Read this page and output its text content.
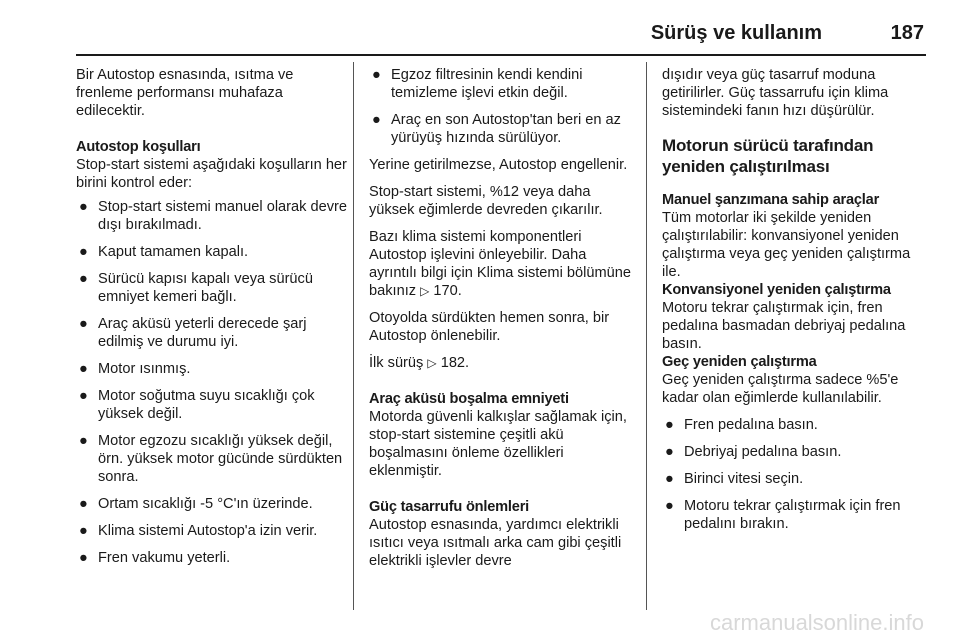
Sürüş ve kullanım	187

Bir Autostop esnasında, ısıtma ve frenleme performansı muhafaza edilecektir.

Autostop koşulları

Stop-start sistemi aşağıdaki koşulların her birini kontrol eder:

● Stop-start sistemi manuel olarak devre dışı bırakılmadı.
● Kaput tamamen kapalı.
● Sürücü kapısı kapalı veya sürücü emniyet kemeri bağlı.
● Araç aküsü yeterli derecede şarj edilmiş ve durumu iyi.
● Motor ısınmış.
● Motor soğutma suyu sıcaklığı çok yüksek değil.
● Motor egzozu sıcaklığı yüksek değil, örn. yüksek motor gücünde sürdükten sonra.
● Ortam sıcaklığı -5 °C'ın üzerinde.
● Klima sistemi Autostop'a izin verir.
● Fren vakumu yeterli.
● Egzoz filtresinin kendi kendini temizleme işlevi etkin değil.
● Araç en son Autostop'tan beri en az yürüyüş hızında sürülüyor.

Yerine getirilmezse, Autostop engellenir.

Stop-start sistemi, %12 veya daha yüksek eğimlerde devreden çıkarılır.

Bazı klima sistemi komponentleri Autostop işlevini önleyebilir. Daha ayrıntılı bilgi için Klima sistemi bölümüne bakınız ▷ 170.

Otoyolda sürdükten hemen sonra, bir Autostop önlenebilir.

İlk sürüş ▷ 182.

Araç aküsü boşalma emniyeti

Motorda güvenli kalkışlar sağlamak için, stop-start sistemine çeşitli akü boşalmasını önleme özellikleri eklenmiştir.

Güç tasarrufu önlemleri

Autostop esnasında, yardımcı elektrikli ısıtıcı veya ısıtmalı arka cam gibi çeşitli elektrikli işlevler devre

dışıdır veya güç tasarruf moduna getirilirler. Güç tassarrufu için klima sistemindeki fanın hızı düşürülür.

Motorun sürücü tarafından yeniden çalıştırılması
Manuel şanzımana sahip araçlar

Tüm motorlar iki şekilde yeniden çalıştırılabilir: konvansiyonel yeniden çalıştırma veya geç yeniden çalıştırma ile.

Konvansiyonel yeniden çalıştırma

Motoru tekrar çalıştırmak için, fren pedalına basmadan debriyaj pedalına basın.

Geç yeniden çalıştırma

Geç yeniden çalıştırma sadece %5'e kadar olan eğimlerde kullanılabilir.

● Fren pedalına basın.
● Debriyaj pedalına basın.
● Birinci vitesi seçin.
● Motoru tekrar çalıştırmak için fren pedalını bırakın.
carmanualsonline.info
